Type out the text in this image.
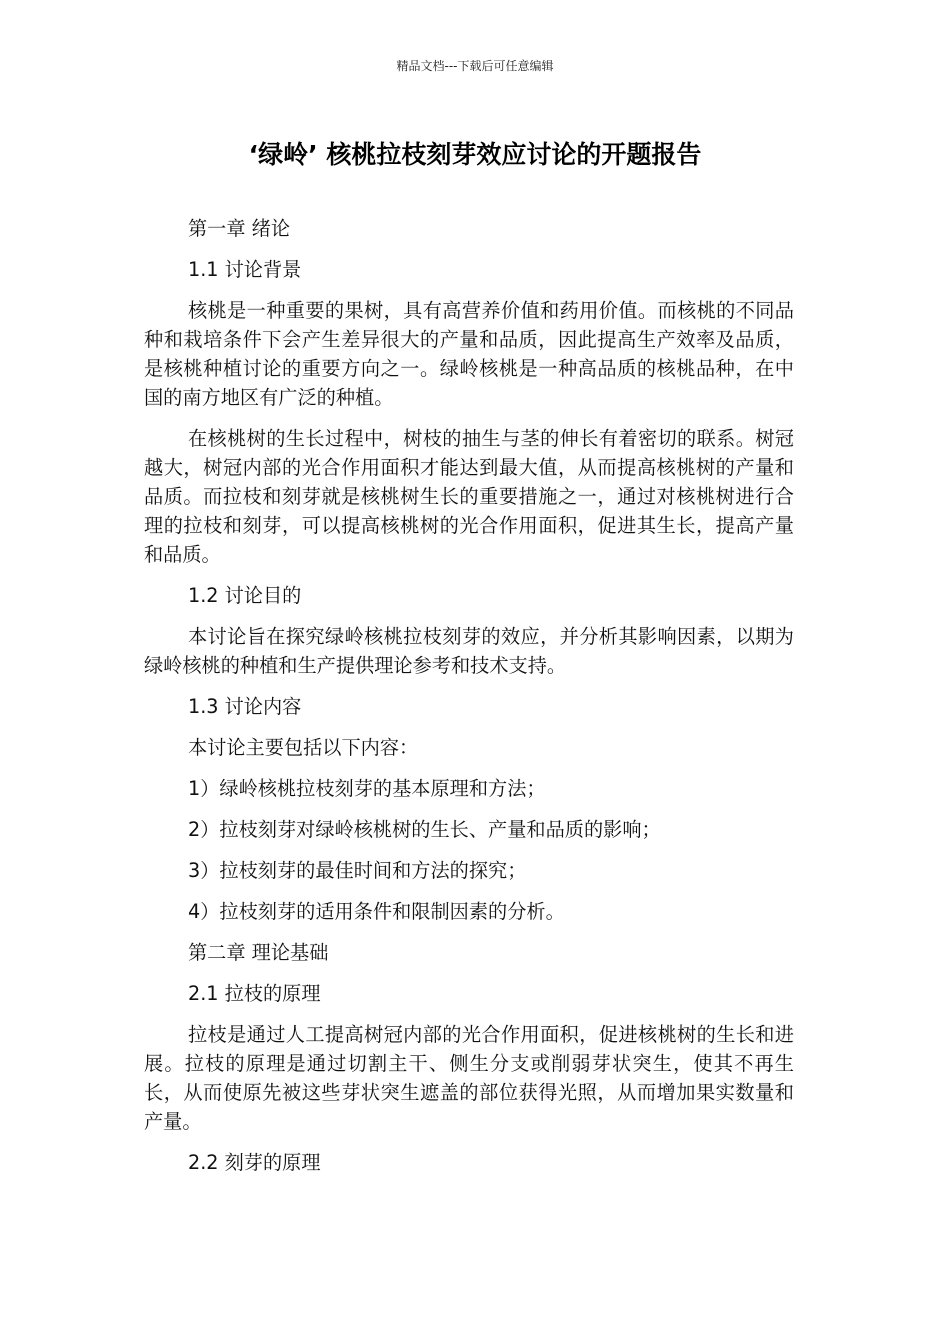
精品文档---下载后可任意编辑
‘绿岭’ 核桃拉枝刻芽效应讨论的开题报告

第一章 绪论

1.1 讨论背景

核桃是一种重要的果树，具有高营养价值和药用价值。而核桃的不同品种和栽培条件下会产生差异很大的产量和品质，因此提高生产效率及品质，是核桃种植讨论的重要方向之一。绿岭核桃是一种高品质的核桃品种，在中国的南方地区有广泛的种植。

在核桃树的生长过程中，树枝的抽生与茎的伸长有着密切的联系。树冠越大，树冠内部的光合作用面积才能达到最大值，从而提高核桃树的产量和品质。而拉枝和刻芽就是核桃树生长的重要措施之一，通过对核桃树进行合理的拉枝和刻芽，可以提高核桃树的光合作用面积，促进其生长，提高产量和品质。

1.2 讨论目的

本讨论旨在探究绿岭核桃拉枝刻芽的效应，并分析其影响因素，以期为绿岭核桃的种植和生产提供理论参考和技术支持。

1.3 讨论内容

本讨论主要包括以下内容：

1）绿岭核桃拉枝刻芽的基本原理和方法；

2）拉枝刻芽对绿岭核桃树的生长、产量和品质的影响；

3）拉枝刻芽的最佳时间和方法的探究；

4）拉枝刻芽的适用条件和限制因素的分析。

第二章 理论基础

2.1 拉枝的原理

拉枝是通过人工提高树冠内部的光合作用面积，促进核桃树的生长和进展。拉枝的原理是通过切割主干、侧生分支或削弱芽状突生，使其不再生长，从而使原先被这些芽状突生遮盖的部位获得光照，从而增加果实数量和产量。

2.2 刻芽的原理
